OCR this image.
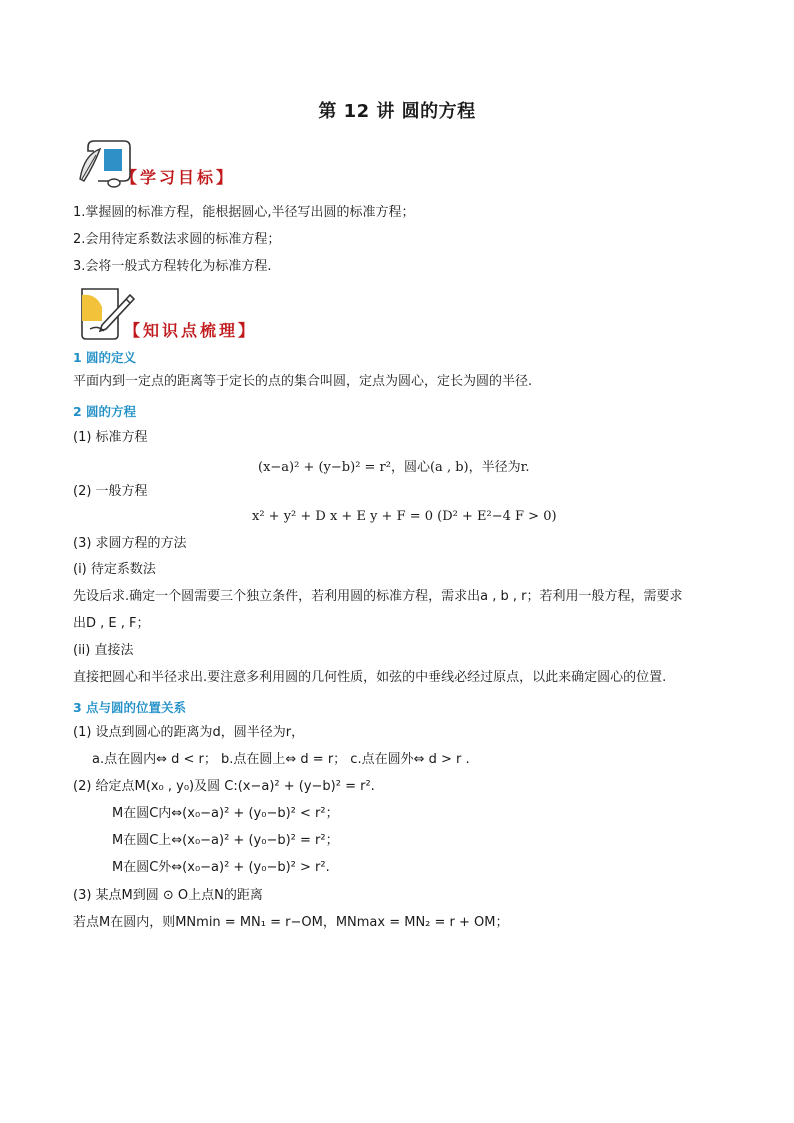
第 12 讲 圆的方程
【学习目标】
1.掌握圆的标准方程，能根据圆心,半径写出圆的标准方程；
2.会用待定系数法求圆的标准方程；
3.会将一般式方程转化为标准方程.
【知识点梳理】
1 圆的定义
平面内到一定点的距离等于定长的点的集合叫圆，定点为圆心，定长为圆的半径.
2 圆的方程
(1) 标准方程
(x−a)² + (y−b)² = r²，圆心(a , b)，半径为r.
(2) 一般方程
x² + y² + D x + E y + F = 0 (D² + E²−4 F > 0)
(3) 求圆方程的方法
(i) 待定系数法
先设后求.确定一个圆需要三个独立条件，若利用圆的标准方程，需求出a , b , r；若利用一般方程，需要求
出D , E , F；
(ii) 直接法
直接把圆心和半径求出.要注意多利用圆的几何性质，如弦的中垂线必经过原点，以此来确定圆心的位置.
3 点与圆的位置关系
(1) 设点到圆心的距离为d，圆半径为r，
a.点在圆内⇔ d < r； b.点在圆上⇔ d = r； c.点在圆外⇔ d > r .
(2) 给定点M(x₀ , y₀)及圆 C:(x−a)² + (y−b)² = r².
M在圆C内⇔(x₀−a)² + (y₀−b)² < r²；
M在圆C上⇔(x₀−a)² + (y₀−b)² = r²；
M在圆C外⇔(x₀−a)² + (y₀−b)² > r².
(3) 某点M到圆 ⊙ O上点N的距离
若点M在圆内，则MNmin = MN₁ = r−OM，MNmax = MN₂ = r + OM；
